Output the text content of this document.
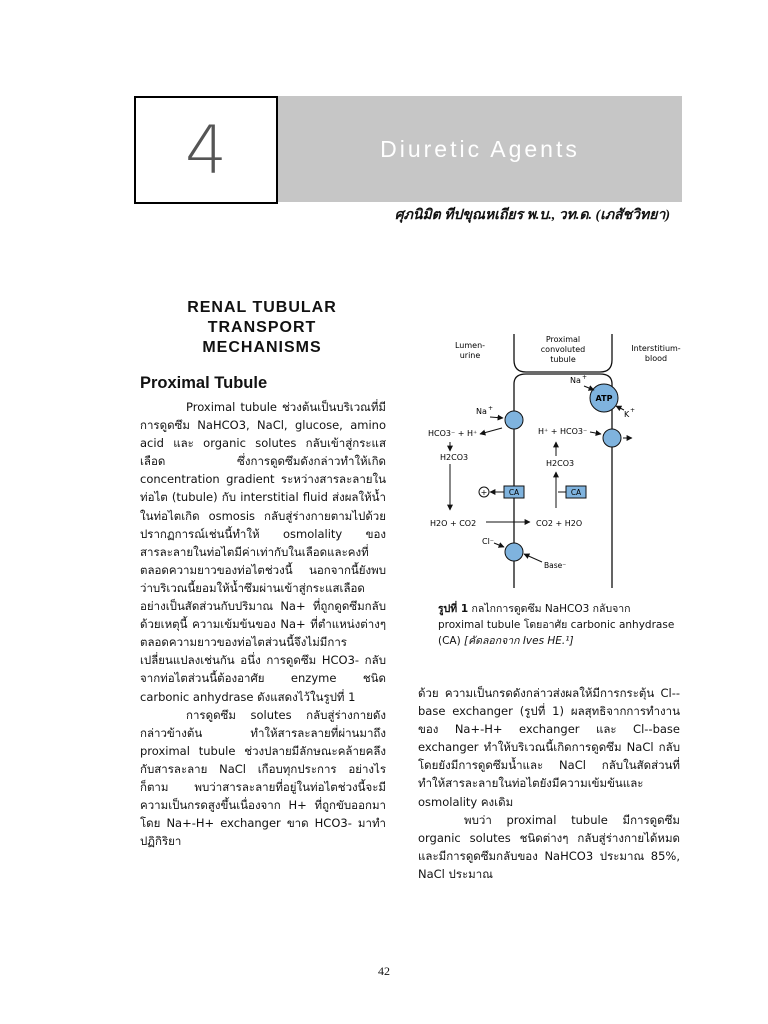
4	Diuretic Agents
ศุภนิมิต ทีปขุณหเถียร พ.บ., วท.ด. (เภสัชวิทยา)
RENAL TUBULAR
TRANSPORT
MECHANISMS
Proximal Tubule

Proximal tubule ช่วงต้นเป็นบริเวณที่มีการดูดซึม NaHCO3, NaCl, glucose, amino acid และ organic solutes กลับเข้าสู่กระแสเลือด ซึ่งการดูดซึมดังกล่าวทำให้เกิด concentration gradient ระหว่างสารละลายในท่อไต (tubule) กับ interstitial fluid ส่งผลให้น้ำในท่อไตเกิด osmosis กลับสู่ร่างกายตามไปด้วย ปรากฏการณ์เช่นนี้ทำให้ osmolality ของสารละลายในท่อไตมีค่าเท่ากับในเลือดและคงที่ตลอดความยาวของท่อไตช่วงนี้ นอกจากนี้ยังพบว่าบริเวณนี้ยอมให้น้ำซึมผ่านเข้าสู่กระแสเลือดอย่างเป็นสัดส่วนกับปริมาณ Na+ ที่ถูกดูดซึมกลับ ด้วยเหตุนี้ ความเข้มข้นของ Na+ ที่ตำแหน่งต่างๆ ตลอดความยาวของท่อไตส่วนนี้จึงไม่มีการเปลี่ยนแปลงเช่นกัน อนึ่ง การดูดซึม HCO3- กลับจากท่อไตส่วนนี้ต้องอาศัย enzyme ชนิด carbonic anhydrase ดังแสดงไว้ในรูปที่ 1

การดูดซึม solutes กลับสู่ร่างกายดังกล่าวข้างต้น ทำให้สารละลายที่ผ่านมาถึง proximal tubule ช่วงปลายมีลักษณะคล้ายคลึงกับสารละลาย NaCl เกือบทุกประการ อย่างไรก็ตาม พบว่าสารละลายที่อยู่ในท่อไตช่วงนี้จะมีความเป็นกรดสูงขึ้นเนื่องจาก H+ ที่ถูกขับออกมาโดย Na+-H+ exchanger ขาด HCO3- มาทำปฏิกิริยา

Lumen-
urine
Proximal
convoluted
tubule
Interstitium-
blood
ATP
Na +
K +
Na +
HCO3⁻ + H⁺	H⁺ + HCO3⁻
H2CO3
H2CO3
+	CA	CA
H2O + CO2	CO2 + H2O
Cl⁻
Base⁻
รูปที่ 1 กลไกการดูดซึม NaHCO3 กลับจาก proximal tubule โดยอาศัย carbonic anhydrase (CA) [คัดลอกจาก Ives HE.¹]

ด้วย ความเป็นกรดดังกล่าวส่งผลให้มีการกระตุ้น Cl--base exchanger (รูปที่ 1) ผลสุทธิจากการทำงานของ Na+-H+ exchanger และ Cl--base exchanger ทำให้บริเวณนี้เกิดการดูดซึม NaCl กลับ โดยยังมีการดูดซึมน้ำและ NaCl กลับในสัดส่วนที่ทำให้สารละลายในท่อไตยังมีความเข้มข้นและ osmolality คงเดิม

พบว่า proximal tubule มีการดูดซึม organic solutes ชนิดต่างๆ กลับสู่ร่างกายได้หมด และมีการดูดซึมกลับของ NaHCO3 ประมาณ 85%, NaCl ประมาณ

42
